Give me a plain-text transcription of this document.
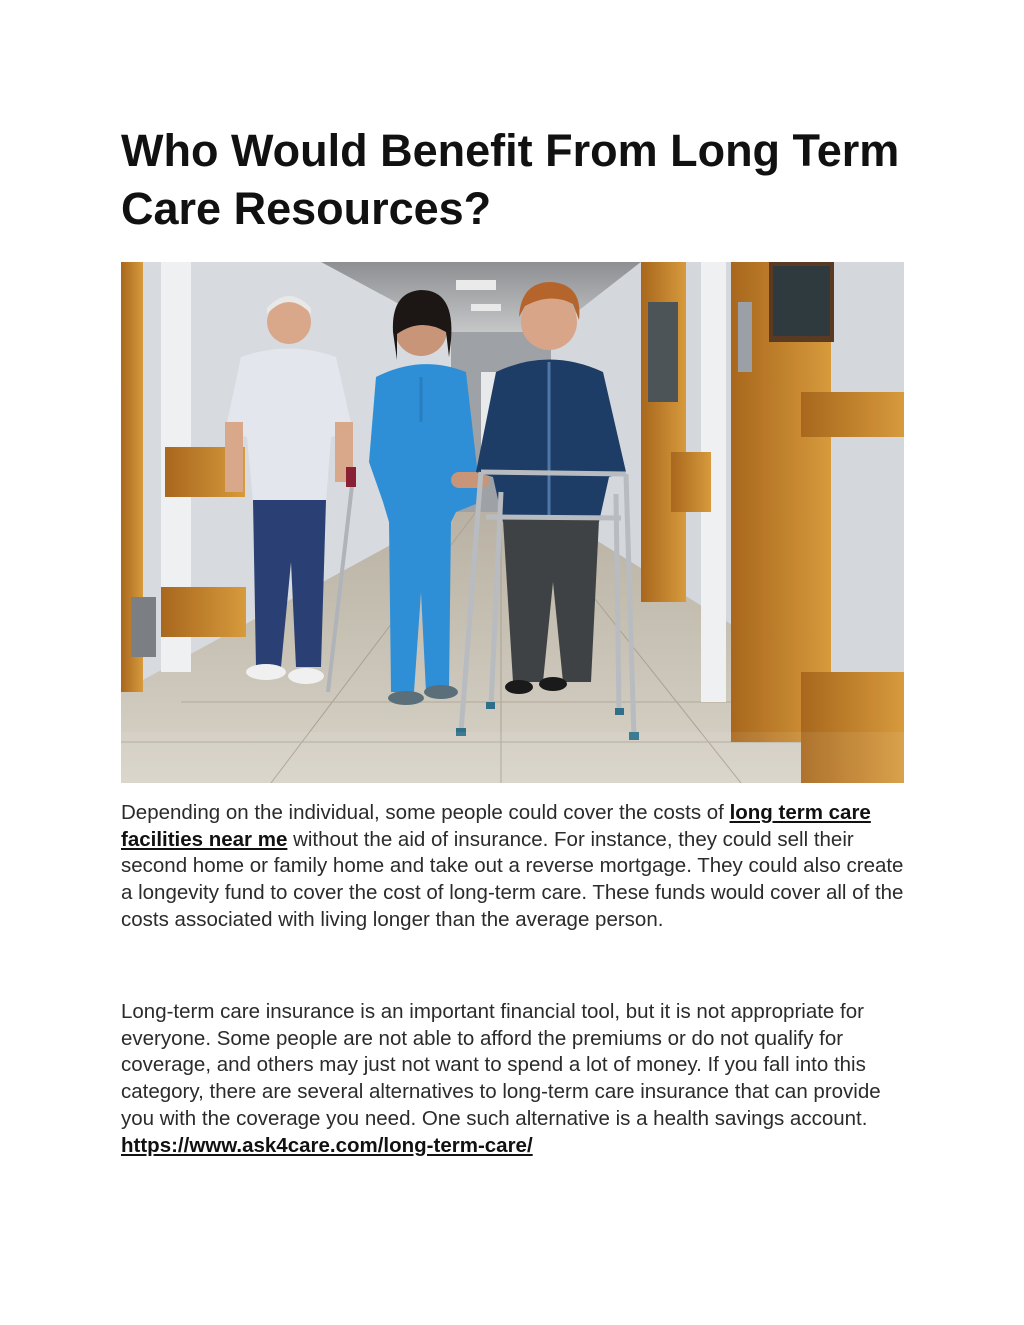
Who Would Benefit From Long Term Care Resources?

Depending on the individual, some people could cover the costs of long term care facilities near me without the aid of insurance. For instance, they could sell their second home or family home and take out a reverse mortgage. They could also create a longevity fund to cover the cost of long-term care. These funds would cover all of the costs associated with living longer than the average person.

Long-term care insurance is an important financial tool, but it is not appropriate for everyone. Some people are not able to afford the premiums or do not qualify for coverage, and others may just not want to spend a lot of money. If you fall into this category, there are several alternatives to long-term care insurance that can provide you with the coverage you need. One such alternative is a health savings account. https://www.ask4care.com/long-term-care/
